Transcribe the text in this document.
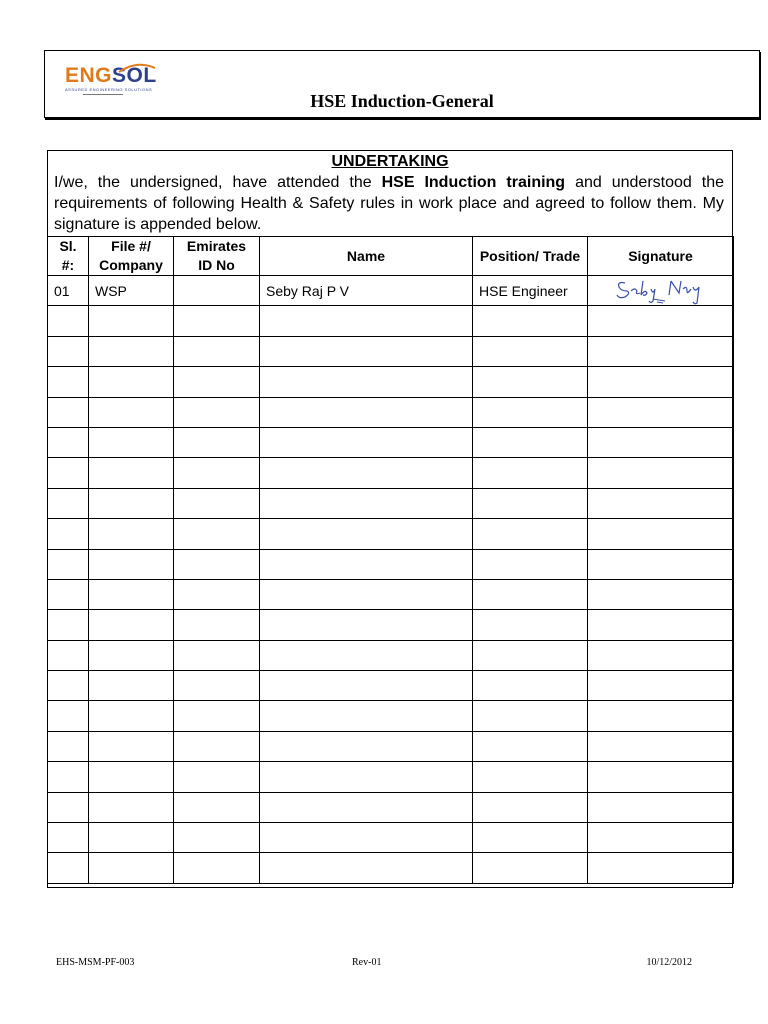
ENGSOL
ASSURED ENGINEERING SOLUTIONS
HSE Induction-General
UNDERTAKING
I/we, the undersigned, have attended the HSE Induction training and understood the requirements of following Health & Safety rules in work place and agreed to follow them. My signature is appended below.
Sl. #:	File #/ Company	Emirates ID No	Name	Position/ Trade	Signature
01	WSP		Seby Raj P V	HSE Engineer	

EHS-MSM-PF-003	Rev-01	10/12/2012
